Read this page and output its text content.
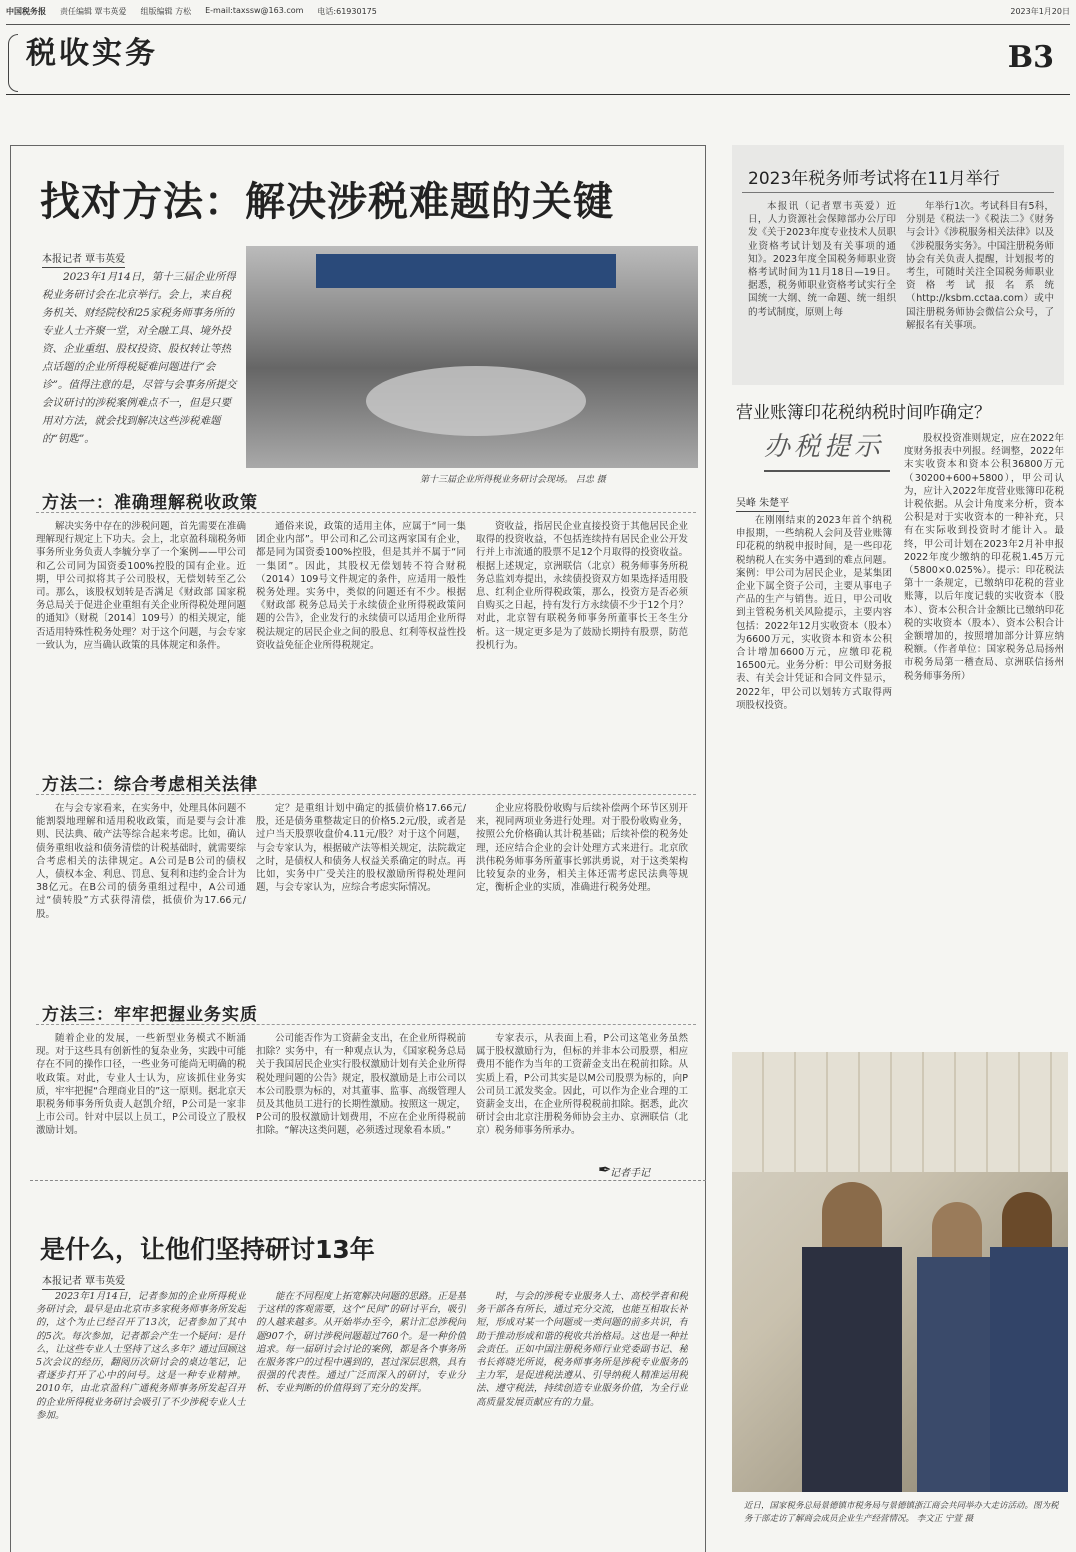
中国税务报 责任编辑 覃韦英爱 组版编辑 方松 E-mail:taxssw@163.com 电话:61930175	2023年1月20日
税收实务	B3
找对方法：解决涉税难题的关键
本报记者 覃韦英爱
2023年1月14日，第十三届企业所得税业务研讨会在北京举行。会上，来自税务机关、财经院校和25家税务师事务所的专业人士齐聚一堂，对全融工具、境外投资、企业重组、股权投资、股权转让等热点话题的企业所得税疑难问题进行“会诊”。值得注意的是，尽管与会事务所提交会议研讨的涉税案例难点不一，但是只要用对方法，就会找到解决这些涉税难题的“钥匙”。
第十三届企业所得税业务研讨会现场。 吕忠 摄
方法一：准确理解税收政策

解决实务中存在的涉税问题，首先需要在准确理解现行规定上下功夫。会上，北京盈科瑞税务师事务所业务负责人李毓分享了一个案例——甲公司和乙公司同为国资委100%控股的国有企业。近期，甲公司拟将其子公司股权，无偿划转至乙公司。那么，该股权划转是否满足《财政部 国家税务总局关于促进企业重组有关企业所得税处理问题的通知》（财税〔2014〕109号）的相关规定，能否适用特殊性税务处理？对于这个问题，与会专家一致认为，应当确认政策的具体规定和条件。

通俗来说，政策的适用主体，应属于“同一集团企业内部”。甲公司和乙公司这两家国有企业，都是同为国资委100%控股，但是其并不属于“同一集团”。因此，其股权无偿划转不符合财税（2014）109号文件规定的条件，应适用一般性税务处理。实务中，类似的问题还有不少。根据《财政部 税务总局关于永续债企业所得税政策问题的公告》，企业发行的永续债可以适用企业所得税法规定的居民企业之间的股息、红利等权益性投资收益免征企业所得税规定。

资收益，指居民企业直接投资于其他居民企业取得的投资收益，不包括连续持有居民企业公开发行并上市流通的股票不足12个月取得的投资收益。根据上述规定，京洲联信（北京）税务师事务所税务总监刘寿提出，永续债投资双方如果选择适用股息、红利企业所得税政策，那么，投资方是否必须自购买之日起，持有发行方永续债不少于12个月？对此，北京智有联税务师事务所董事长王冬生分析。这一规定更多是为了鼓励长期持有股票，防范投机行为。

方法二：综合考虑相关法律

在与会专家看来，在实务中，处理具体问题不能割裂地理解和适用税收政策，而是要与会计准则、民法典、破产法等综合起来考虑。比如，确认债务重组收益和债务清偿的计税基础时，就需要综合考虑相关的法律规定。A公司是B公司的债权人，债权本金、利息、罚息、复利和违约金合计为38亿元。在B公司的债务重组过程中，A公司通过“债转股”方式获得清偿，抵债价为17.66元/股。

定？是重组计划中确定的抵债价格17.66元/股，还是债务重整裁定日的价格5.2元/股，或者是过户当天股票收盘价4.11元/股？对于这个问题，与会专家认为，根据破产法等相关规定，法院裁定之时，是债权人和债务人权益关系确定的时点。再比如，实务中广受关注的股权激励所得税处理问题，与会专家认为，应综合考虑实际情况。

企业应将股份收购与后续补偿两个环节区别开来，视同两项业务进行处理。对于股份收购业务，按照公允价格确认其计税基础；后续补偿的税务处理，还应结合企业的会计处理方式来进行。北京欣洪伟税务师事务所董事长郭洪勇说，对于这类架构比较复杂的业务，相关主体还需考虑民法典等规定，衡析企业的实质，准确进行税务处理。

方法三：牢牢把握业务实质

随着企业的发展，一些新型业务模式不断涌现。对于这些具有创新性的复杂业务，实践中可能存在不同的操作口径，一些业务可能尚无明确的税收政策。对此，专业人士认为，应该抓住业务实质，牢牢把握“合理商业目的”这一原则。据北京天职税务师事务所负责人赵凯介绍，P公司是一家非上市公司。针对中层以上员工，P公司设立了股权激励计划。

公司能否作为工资薪金支出，在企业所得税前扣除？实务中，有一种观点认为，《国家税务总局关于我国居民企业实行股权激励计划有关企业所得税处理问题的公告》规定，股权激励是上市公司以本公司股票为标的，对其董事、监事、高级管理人员及其他员工进行的长期性激励。按照这一规定，P公司的股权激励计划费用，不应在企业所得税前扣除。“解决这类问题，必须透过现象看本质。”

专家表示，从表面上看，P公司这笔业务虽然属于股权激励行为，但标的并非本公司股票，相应费用不能作为当年的工资薪金支出在税前扣除。从实质上看，P公司其实是以M公司股票为标的，向P公司员工派发奖金。因此，可以作为企业合理的工资薪金支出，在企业所得税税前扣除。据悉，此次研讨会由北京注册税务师协会主办、京洲联信（北京）税务师事务所承办。

✒
记者手记
是什么，让他们坚持研讨13年
本报记者 覃韦英爱

2023年1月14日，记者参加的企业所得税业务研讨会，最早是由北京市多家税务师事务所发起的，这个为止已经召开了13次，记者参加了其中的5次。每次参加，记者都会产生一个疑问：是什么，让这些专业人士坚持了这么多年？通过回顾这5次会议的经历，翻阅历次研讨会的桌边笔记，记者逐步打开了心中的问号。这是一种专业精神。2010年，由北京盈科广通税务师事务所发起召开的企业所得税业务研讨会吸引了不少涉税专业人士参加。

能在不同程度上拓宽解决问题的思路。正是基于这样的客观需要，这个“民间”的研讨平台，吸引的人越来越多。从开始举办至今，累计汇总涉税问题907个，研讨涉税问题超过760个。是一种价值追求。每一届研讨会讨论的案例，都是各个事务所在服务客户的过程中遇到的，甚过深层思熟，具有很强的代表性。通过广泛而深入的研讨，专业分析、专业判断的价值得到了充分的发挥。

时，与会的涉税专业服务人士、高校学者和税务干部各有所长，通过充分交流，也能互相取长补短，形成对某一个问题或一类问题的前多共识，有助于推动形成和谐的税收共治格局。这也是一种社会责任。正如中国注册税务师行业党委副书记、秘书长蒋晓光所说，税务师事务所是涉税专业服务的主力军，是促进税法遵从、引导纳税人精准运用税法、遵守税法，持续创造专业服务价值，为全行业高质量发展贡献应有的力量。

2023年税务师考试将在11月举行

本报讯（记者覃韦英爱）近日，人力资源社会保障部办公厅印发《关于2023年度专业技术人员职业资格考试计划及有关事项的通知》。2023年度全国税务师职业资格考试时间为11月18日—19日。据悉，税务师职业资格考试实行全国统一大纲、统一命题、统一组织的考试制度，原则上每

年举行1次。考试科目有5科，分别是《税法一》《税法二》《财务与会计》《涉税服务相关法律》以及《涉税服务实务》。中国注册税务师协会有关负责人提醒，计划报考的考生，可随时关注全国税务师职业资格考试报名系统（http://ksbm.cctaa.com）或中国注册税务师协会微信公众号，了解报名有关事项。

营业账簿印花税纳税时间咋确定？
办税提示
吴峰 朱楚平

在刚刚结束的2023年首个纳税申报期，一些纳税人会问及营业账簿印花税的纳税申报时间，是一些印花税纳税人在实务中遇到的难点问题。案例：甲公司为居民企业，是某集团企业下属全资子公司，主要从事电子产品的生产与销售。近日，甲公司收到主管税务机关风险提示，主要内容包括：2022年12月实收资本（股本）为6600万元，实收资本和资本公积合计增加6600万元，应缴印花税16500元。业务分析：甲公司财务报表、有关会计凭证和合同文件显示，2022年，甲公司以划转方式取得两项股权投资。

股权投资准则规定，应在2022年度财务报表中列报。经调整，2022年末实收资本和资本公积36800万元（30200+600+5800），甲公司认为，应计入2022年度营业账簿印花税计税依据。从会计角度来分析，资本公积是对于实收资本的一种补充，只有在实际收到投资时才能计入。最终，甲公司计划在2023年2月补申报2022年度少缴纳的印花税1.45万元（5800×0.025%）。提示：印花税法第十一条规定，已缴纳印花税的营业账簿，以后年度记载的实收资本（股本）、资本公积合计金额比已缴纳印花税的实收资本（股本）、资本公积合计金额增加的，按照增加部分计算应纳税额。（作者单位：国家税务总局扬州市税务局第一稽查局、京洲联信扬州税务师事务所）

近日，国家税务总局景德镇市税务局与景德镇浙江商会共同举办大走访活动。图为税务干部走访了解商会成员企业生产经营情况。 李文正 宁萱 摄
